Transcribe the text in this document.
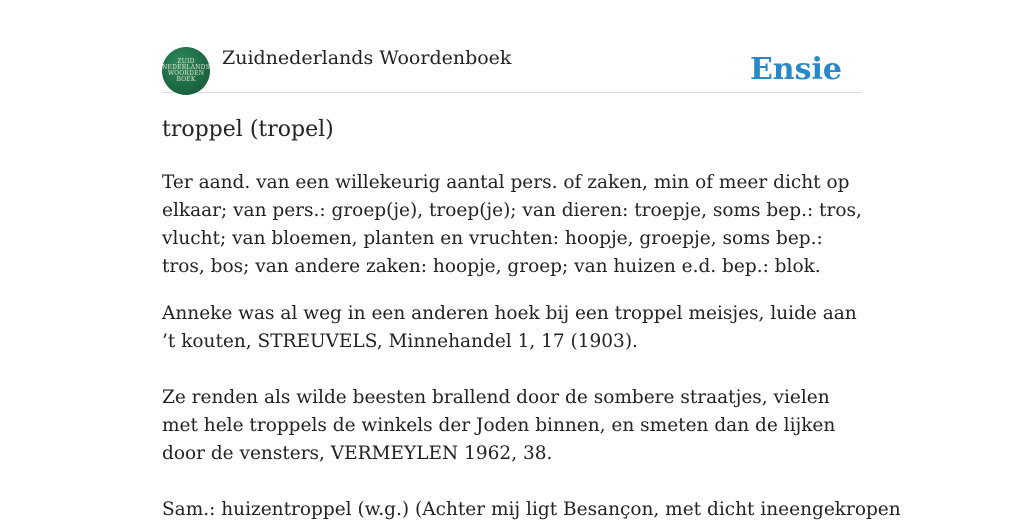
ZUID
NEDERLANDS
WOORDEN
BOEK
Zuidnederlands Woordenboek	Ensie
troppel (tropel)

Ter aand. van een willekeurig aantal pers. of zaken, min of meer dicht op elkaar; van pers.: groep(je), troep(je); van dieren: troepje, soms bep.: tros, vlucht; van bloemen, planten en vruchten: hoopje, groepje, soms bep.: tros, bos; van andere zaken: hoopje, groep; van huizen e.d. bep.: blok.

Anneke was al weg in een anderen hoek bij een troppel meisjes, luide aan ’t kouten, STREUVELS, Minnehandel 1, 17 (1903).

Ze renden als wilde beesten brallend door de sombere straatjes, vielen met hele troppels de winkels der Joden binnen, en smeten dan de lijken door de vensters, VERMEYLEN 1962, 38.

Sam.: huizentroppel (w.g.) (Achter mij ligt Besançon, met dicht ineengekropen
